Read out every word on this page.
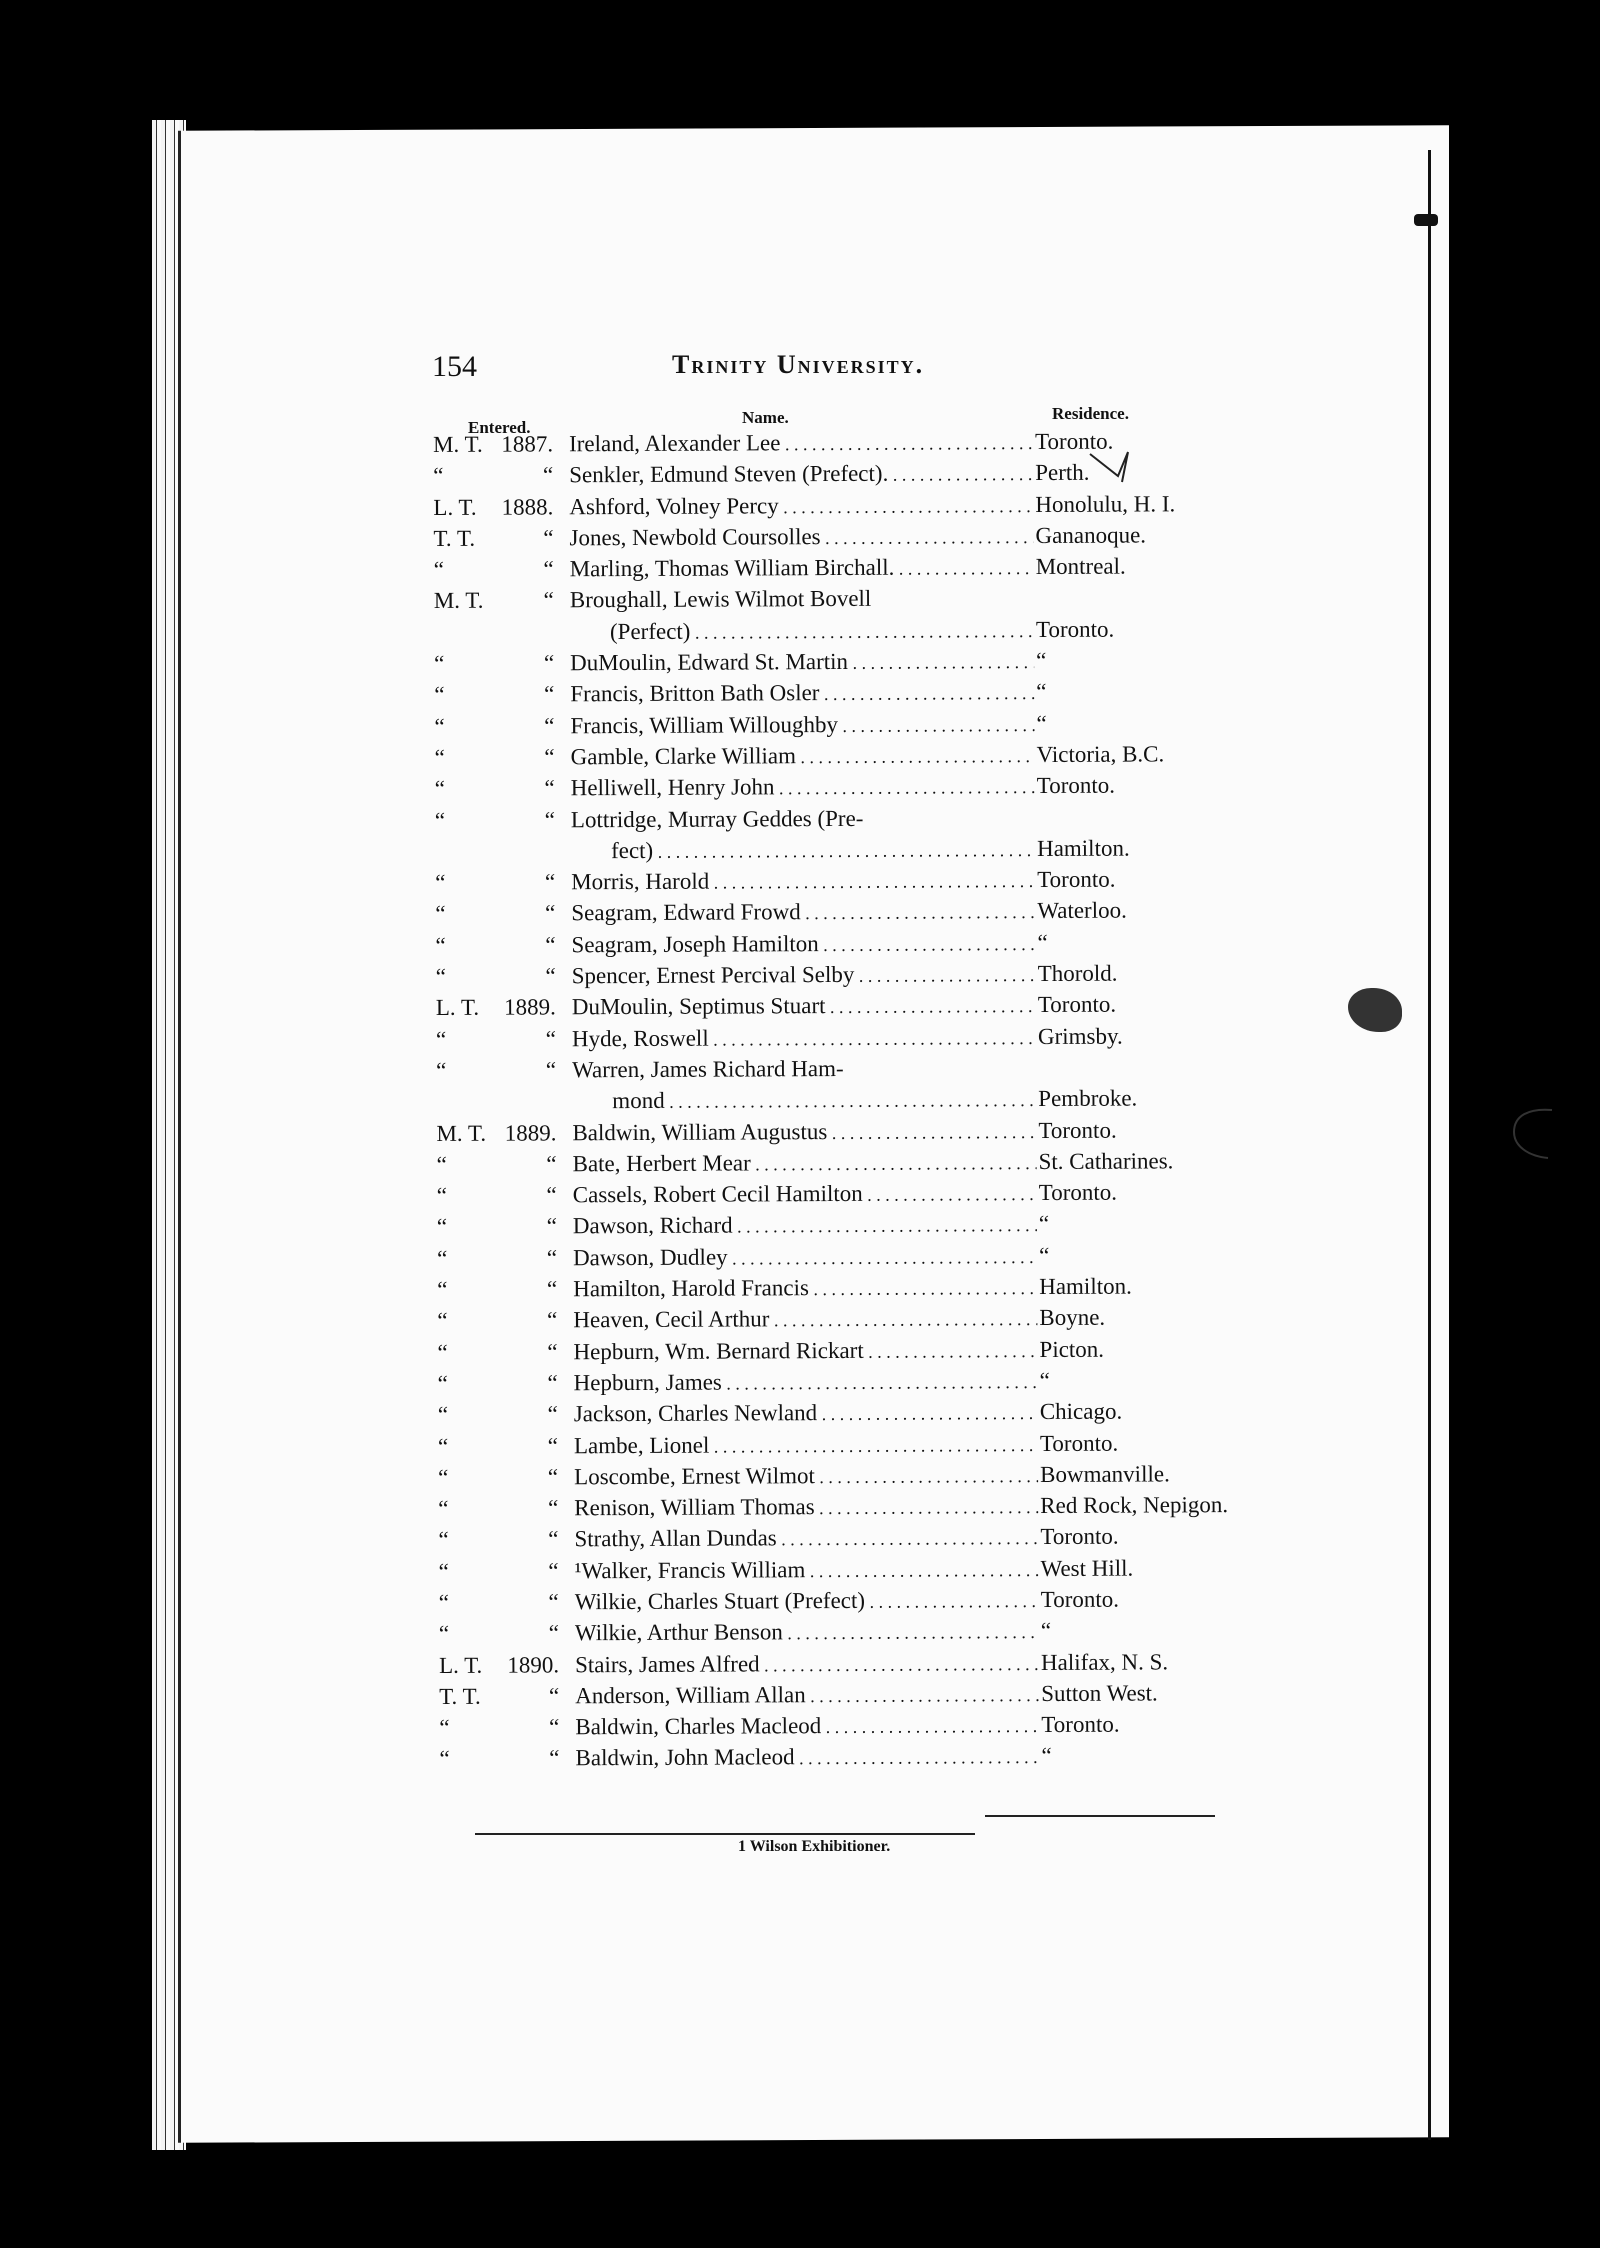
154	Trinity University.
Entered.
Name.	Residence.
M. T. 1887. Ireland, Alexander Lee . . .	Toronto.
“	“ Senkler, Edmund Steven (Prefect). . . .	Perth.
L. T.	1888. Ashford, Volney Percy . . .	Honolulu, H. I.
T. T.	“ Jones, Newbold Coursolles . . .	Gananoque.
“	“ Marling, Thomas William Birchall. . . .	Montreal.
M. T.	“ Broughall, Lewis Wilmot Bovell
(Perfect) . . .	Toronto.
“	“ DuMoulin, Edward St. Martin . . .	“
“	“ Francis, Britton Bath Osler . . .	“
“	“ Francis, William Willoughby . . .	“
“	“ Gamble, Clarke William . . .	Victoria, B.C.
“	“ Helliwell, Henry John . . .	Toronto.
“	“ Lottridge, Murray Geddes (Pre-
fect) . . .	Hamilton.
“	“ Morris, Harold . . .	Toronto.
“	“ Seagram, Edward Frowd . . .	Waterloo.
“	“ Seagram, Joseph Hamilton . . .	“
“	“ Spencer, Ernest Percival Selby . . .	Thorold.
L. T.	1889. DuMoulin, Septimus Stuart . . .	Toronto.
“	“ Hyde, Roswell . . .	Grimsby.
“	“ Warren, James Richard Ham-
mond . . .	Pembroke.
M. T. 1889. Baldwin, William Augustus . . .	Toronto.
“	“ Bate, Herbert Mear . . .	St. Catharines.
“	“ Cassels, Robert Cecil Hamilton . . .	Toronto.
“	“ Dawson, Richard . . .	“
“	“ Dawson, Dudley . . .	“
“	“ Hamilton, Harold Francis . . .	Hamilton.
“	“ Heaven, Cecil Arthur . . .	Boyne.
“	“ Hepburn, Wm. Bernard Rickart . . .	Picton.
“	“ Hepburn, James . . .	“
“	“ Jackson, Charles Newland . . .	Chicago.
“	“ Lambe, Lionel . . .	Toronto.
“	“ Loscombe, Ernest Wilmot . . .	Bowmanville.
“	“ Renison, William Thomas . . .	Red Rock, Nepigon.
“	“ Strathy, Allan Dundas . . .	Toronto.
“	“ ¹Walker, Francis William . . .	West Hill.
“	“ Wilkie, Charles Stuart (Prefect) . . .	Toronto.
“	“ Wilkie, Arthur Benson . . .	“
L. T.	1890. Stairs, James Alfred . . .	Halifax, N. S.
T. T.	“ Anderson, William Allan . . .	Sutton West.
“	“ Baldwin, Charles Macleod . . .	Toronto.
“	“ Baldwin, John Macleod . . .	“
1 Wilson Exhibitioner.
